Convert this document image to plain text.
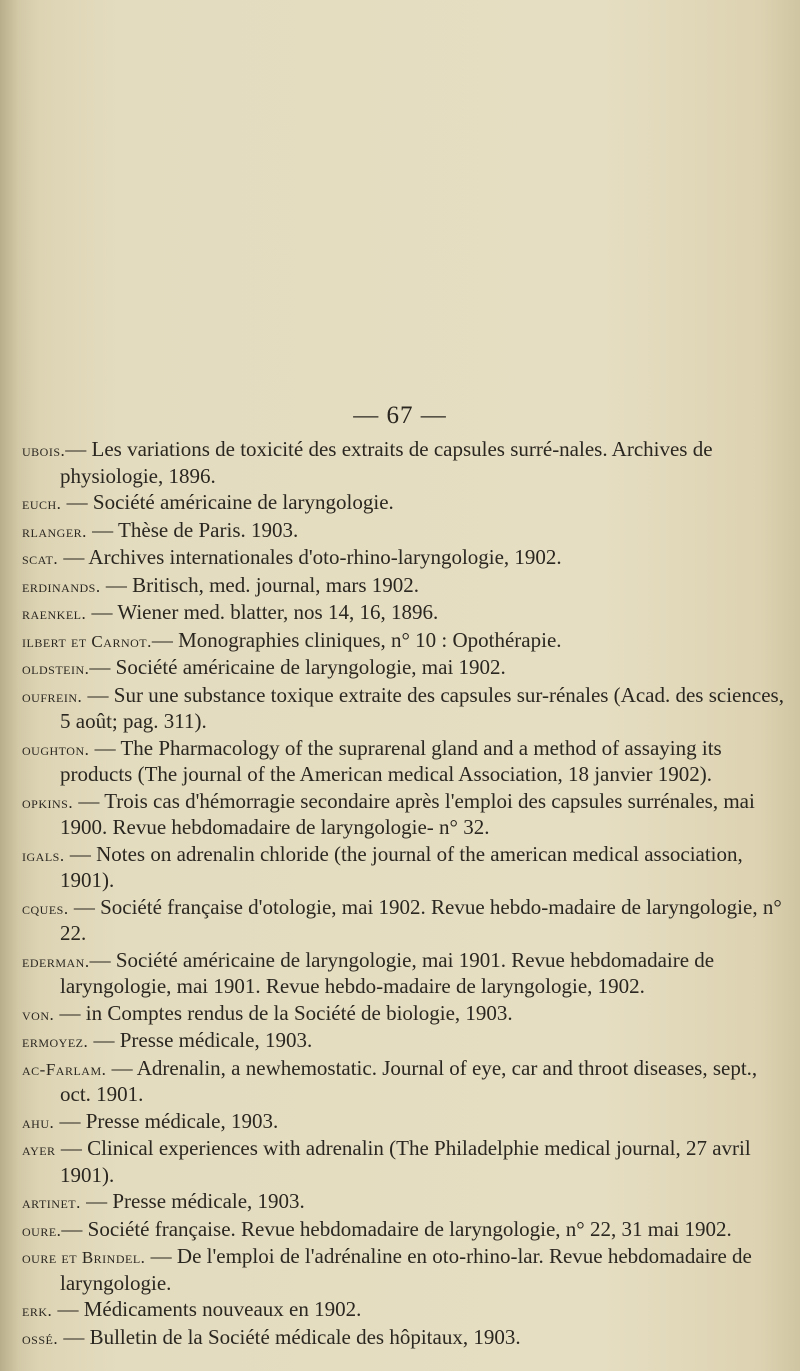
— 67 —

ubois.— Les variations de toxicité des extraits de capsules surré-nales. Archives de physiologie, 1896.

euch. — Société américaine de laryngologie.

rlanger. — Thèse de Paris. 1903.

scat. — Archives internationales d'oto-rhino-laryngologie, 1902.

erdinands. — Britisch, med. journal, mars 1902.

raenkel. — Wiener med. blatter, nos 14, 16, 1896.

ilbert et Carnot.— Monographies cliniques, n° 10 : Opothérapie.

oldstein.— Société américaine de laryngologie, mai 1902.

oufrein. — Sur une substance toxique extraite des capsules sur-rénales (Acad. des sciences, 5 août; pag. 311).

oughton. — The Pharmacology of the suprarenal gland and a method of assaying its products (The journal of the American medical Association, 18 janvier 1902).

opkins. — Trois cas d'hémorragie secondaire après l'emploi des capsules surrénales, mai 1900. Revue hebdomadaire de laryngologie- n° 32.

igals. — Notes on adrenalin chloride (the journal of the american medical association, 1901).

cques. — Société française d'otologie, mai 1902. Revue hebdo-madaire de laryngologie, n° 22.

ederman.— Société américaine de laryngologie, mai 1901. Revue hebdomadaire de laryngologie, mai 1901. Revue hebdo-madaire de laryngologie, 1902.

von. — in Comptes rendus de la Société de biologie, 1903.

ermoyez. — Presse médicale, 1903.

ac-Farlam. — Adrenalin, a newhemostatic. Journal of eye, car and throot diseases, sept., oct. 1901.

ahu. — Presse médicale, 1903.

ayer — Clinical experiences with adrenalin (The Philadelphie medical journal, 27 avril 1901).

artinet. — Presse médicale, 1903.

oure.— Société française. Revue hebdomadaire de laryngologie, n° 22, 31 mai 1902.

oure et Brindel. — De l'emploi de l'adrénaline en oto-rhino-lar. Revue hebdomadaire de laryngologie.

erk. — Médicaments nouveaux en 1902.

ossé. — Bulletin de la Société médicale des hôpitaux, 1903.
